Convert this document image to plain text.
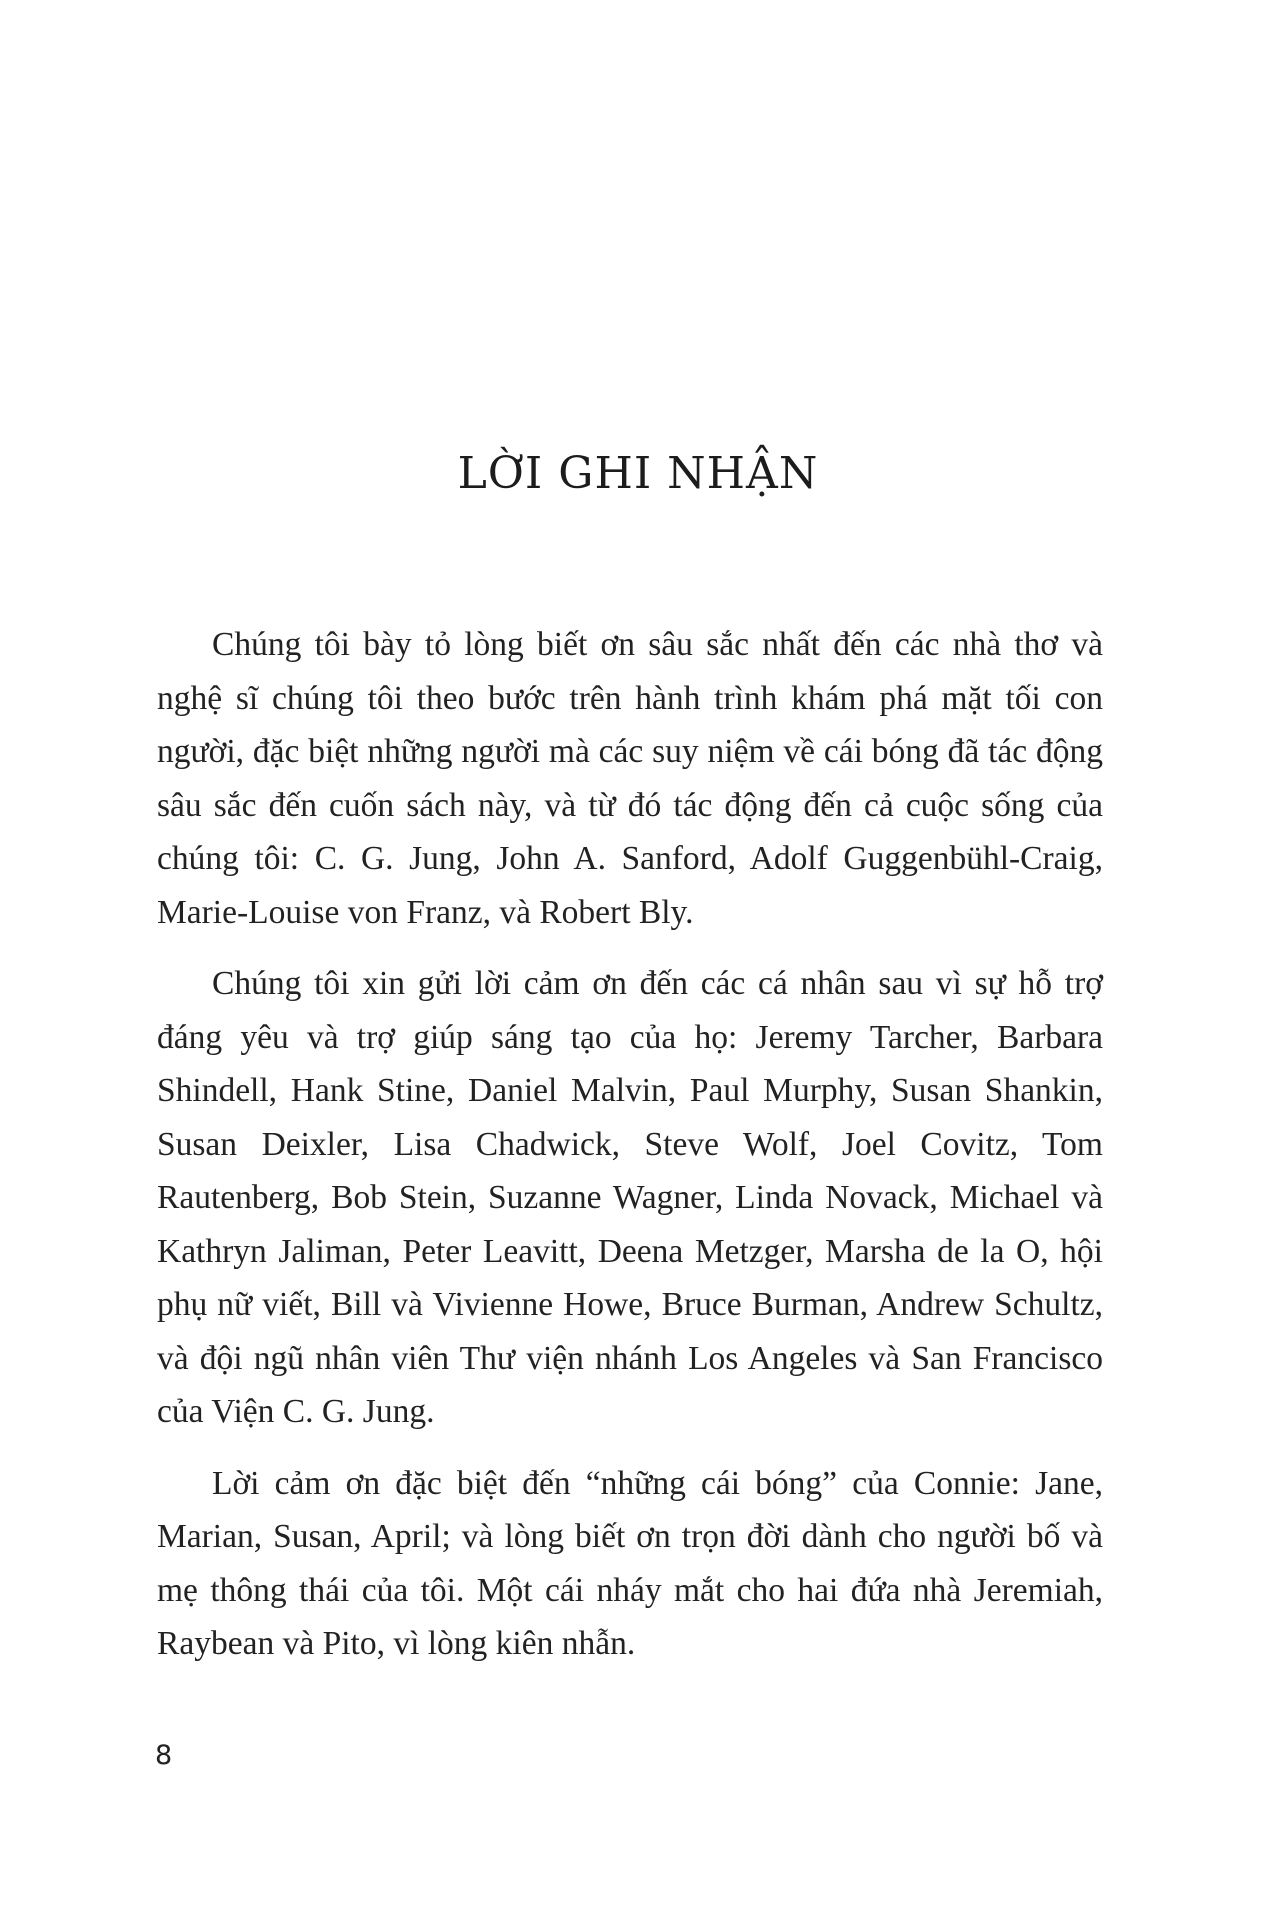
LỜI GHI NHẬN

Chúng tôi bày tỏ lòng biết ơn sâu sắc nhất đến các nhà thơ và nghệ sĩ chúng tôi theo bước trên hành trình khám phá mặt tối con người, đặc biệt những người mà các suy niệm về cái bóng đã tác động sâu sắc đến cuốn sách này, và từ đó tác động đến cả cuộc sống của chúng tôi: C. G. Jung, John A. Sanford, Adolf Guggenbühl-Craig, Marie-Louise von Franz, và Robert Bly.

Chúng tôi xin gửi lời cảm ơn đến các cá nhân sau vì sự hỗ trợ đáng yêu và trợ giúp sáng tạo của họ: Jeremy Tarcher, Barbara Shindell, Hank Stine, Daniel Malvin, Paul Murphy, Susan Shankin, Susan Deixler, Lisa Chadwick, Steve Wolf, Joel Covitz, Tom Rautenberg, Bob Stein, Suzanne Wagner, Linda Novack, Michael và Kathryn Jaliman, Peter Leavitt, Deena Metzger, Marsha de la O, hội phụ nữ viết, Bill và Vivienne Howe, Bruce Burman, Andrew Schultz, và đội ngũ nhân viên Thư viện nhánh Los Angeles và San Francisco của Viện C. G. Jung.

Lời cảm ơn đặc biệt đến “những cái bóng” của Connie: Jane, Marian, Susan, April; và lòng biết ơn trọn đời dành cho người bố và mẹ thông thái của tôi. Một cái nháy mắt cho hai đứa nhà Jeremiah, Raybean và Pito, vì lòng kiên nhẫn.

8
